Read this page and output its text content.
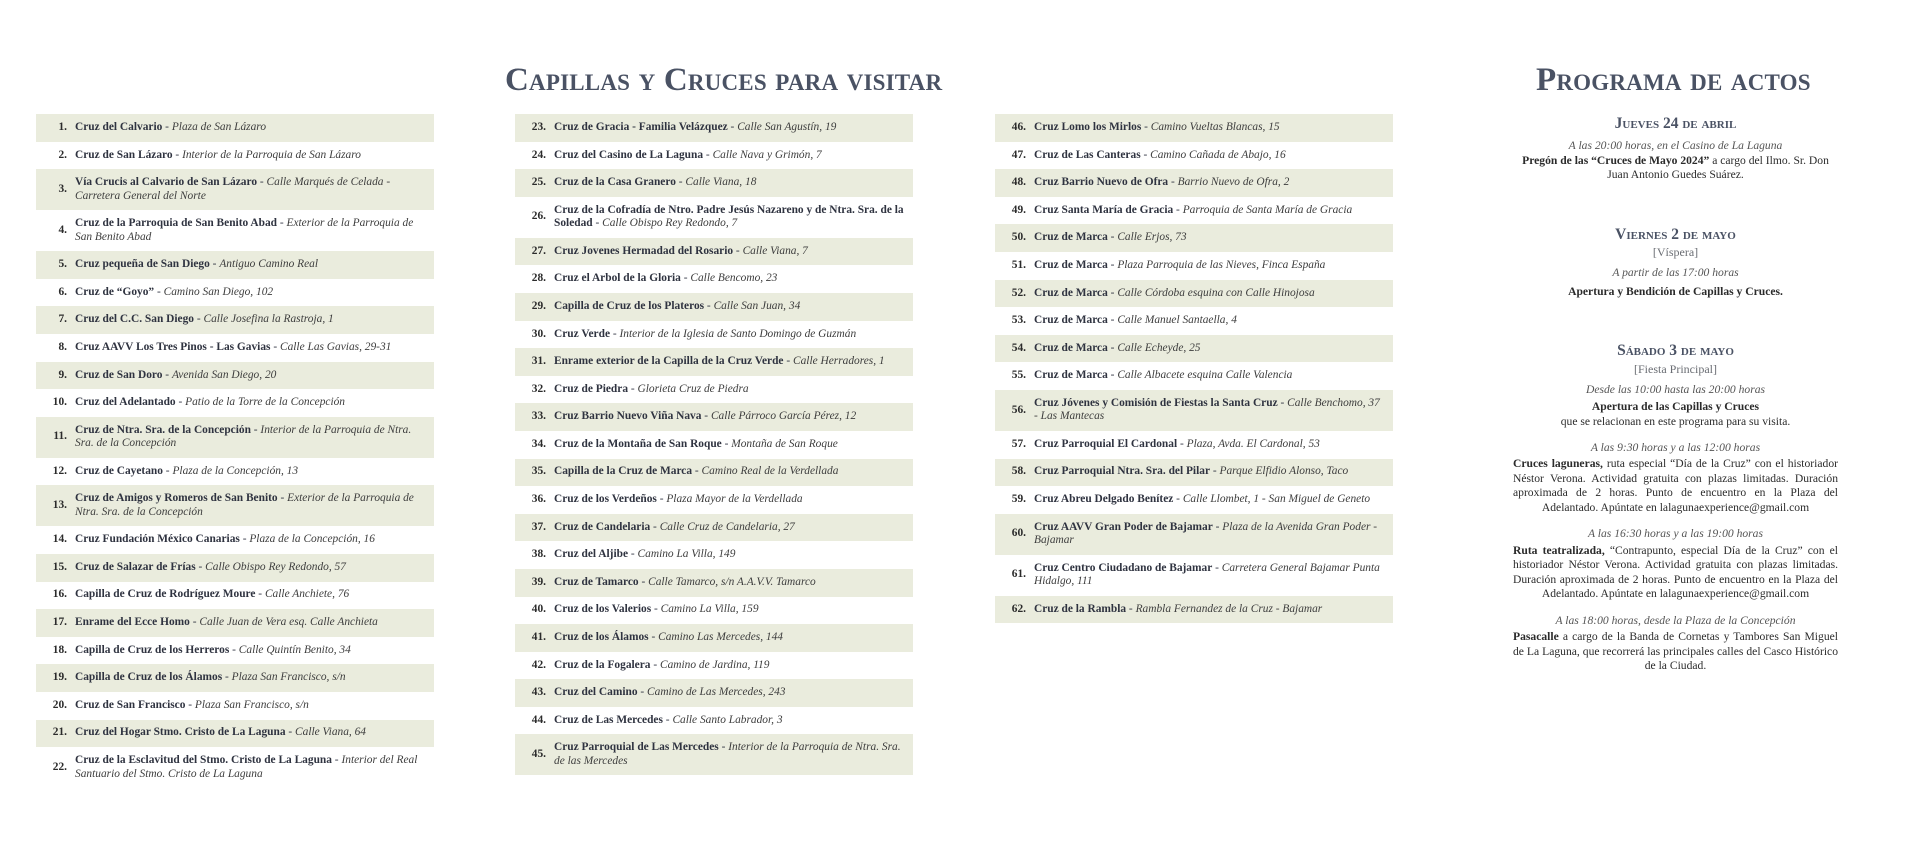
Capillas y Cruces para visitar	Programa de actos
1. Cruz del Calvario - Plaza de San Lázaro
2. Cruz de San Lázaro - Interior de la Parroquia de San Lázaro
3.
Vía Crucis al Calvario de San Lázaro - Calle Marqués de Celada - Carretera General del Norte
4.
Cruz de la Parroquia de San Benito Abad - Exterior de la Parroquia de San Benito Abad
5. Cruz pequeña de San Diego - Antiguo Camino Real
6. Cruz de “Goyo” - Camino San Diego, 102
7. Cruz del C.C. San Diego - Calle Josefina la Rastroja, 1
8. Cruz AAVV Los Tres Pinos - Las Gavias - Calle Las Gavias, 29-31
9. Cruz de San Doro - Avenida San Diego, 20
10. Cruz del Adelantado - Patio de la Torre de la Concepción
11.
Cruz de Ntra. Sra. de la Concepción - Interior de la Parroquia de Ntra. Sra. de la Concepción
12. Cruz de Cayetano - Plaza de la Concepción, 13
13.
Cruz de Amigos y Romeros de San Benito - Exterior de la Parroquia de Ntra. Sra. de la Concepción
14. Cruz Fundación México Canarias - Plaza de la Concepción, 16
15. Cruz de Salazar de Frías - Calle Obispo Rey Redondo, 57
16. Capilla de Cruz de Rodríguez Moure - Calle Anchiete, 76
17. Enrame del Ecce Homo - Calle Juan de Vera esq. Calle Anchieta
18. Capilla de Cruz de los Herreros - Calle Quintín Benito, 34
19. Capilla de Cruz de los Álamos - Plaza San Francisco, s/n
20. Cruz de San Francisco - Plaza San Francisco, s/n
21. Cruz del Hogar Stmo. Cristo de La Laguna - Calle Viana, 64
22.
Cruz de la Esclavitud del Stmo. Cristo de La Laguna - Interior del Real Santuario del Stmo. Cristo de La Laguna
23. Cruz de Gracia - Familia Velázquez - Calle San Agustín, 19
24. Cruz del Casino de La Laguna - Calle Nava y Grimón, 7
25. Cruz de la Casa Granero - Calle Viana, 18
26.
Cruz de la Cofradía de Ntro. Padre Jesús Nazareno y de Ntra. Sra. de la Soledad - Calle Obispo Rey Redondo, 7
27. Cruz Jovenes Hermadad del Rosario - Calle Viana, 7
28. Cruz el Arbol de la Gloria - Calle Bencomo, 23
29. Capilla de Cruz de los Plateros - Calle San Juan, 34
30. Cruz Verde - Interior de la Iglesia de Santo Domingo de Guzmán
31. Enrame exterior de la Capilla de la Cruz Verde - Calle Herradores, 1
32. Cruz de Piedra - Glorieta Cruz de Piedra
33. Cruz Barrio Nuevo Viña Nava - Calle Párroco García Pérez, 12
34. Cruz de la Montaña de San Roque - Montaña de San Roque
35. Capilla de la Cruz de Marca - Camino Real de la Verdellada
36. Cruz de los Verdeños - Plaza Mayor de la Verdellada
37. Cruz de Candelaria - Calle Cruz de Candelaria, 27
38. Cruz del Aljibe - Camino La Villa, 149
39. Cruz de Tamarco - Calle Tamarco, s/n A.A.V.V. Tamarco
40. Cruz de los Valerios - Camino La Villa, 159
41. Cruz de los Álamos - Camino Las Mercedes, 144
42. Cruz de la Fogalera - Camino de Jardina, 119
43. Cruz del Camino - Camino de Las Mercedes, 243
44. Cruz de Las Mercedes - Calle Santo Labrador, 3
45.
Cruz Parroquial de Las Mercedes - Interior de la Parroquia de Ntra. Sra. de las Mercedes
46. Cruz Lomo los Mirlos - Camino Vueltas Blancas, 15
47. Cruz de Las Canteras - Camino Cañada de Abajo, 16
48. Cruz Barrio Nuevo de Ofra - Barrio Nuevo de Ofra, 2
49. Cruz Santa María de Gracia - Parroquia de Santa María de Gracia
50. Cruz de Marca - Calle Erjos, 73
51. Cruz de Marca - Plaza Parroquia de las Nieves, Finca España
52. Cruz de Marca - Calle Córdoba esquina con Calle Hinojosa
53. Cruz de Marca - Calle Manuel Santaella, 4
54. Cruz de Marca - Calle Echeyde, 25
55. Cruz de Marca - Calle Albacete esquina Calle Valencia
56.
Cruz Jóvenes y Comisión de Fiestas la Santa Cruz - Calle Benchomo, 37 - Las Mantecas
57. Cruz Parroquial El Cardonal - Plaza, Avda. El Cardonal, 53
58. Cruz Parroquial Ntra. Sra. del Pilar - Parque Elfidio Alonso, Taco
59. Cruz Abreu Delgado Benítez - Calle Llombet, 1 - San Miguel de Geneto
60.
Cruz AAVV Gran Poder de Bajamar - Plaza de la Avenida Gran Poder - Bajamar
61.
Cruz Centro Ciudadano de Bajamar - Carretera General Bajamar Punta Hidalgo, 111
62. Cruz de la Rambla - Rambla Fernandez de la Cruz - Bajamar
Jueves 24 de abril
A las 20:00 horas, en el Casino de La Laguna
Pregón de las “Cruces de Mayo 2024” a cargo del Ilmo. Sr. Don Juan Antonio Guedes Suárez.
Viernes 2 de mayo
[Víspera]
A partir de las 17:00 horas
Apertura y Bendición de Capillas y Cruces.
Sábado 3 de mayo
[Fiesta Principal]
Desde las 10:00 hasta las 20:00 horas
Apertura de las Capillas y Cruces
que se relacionan en este programa para su visita.
A las 9:30 horas y a las 12:00 horas
Cruces laguneras, ruta especial “Día de la Cruz” con el historiador Néstor Verona. Actividad gratuita con plazas limitadas. Duración aproximada de 2 horas. Punto de encuentro en la Plaza del Adelantado. Apúntate en lalagunaexperience@gmail.com
A las 16:30 horas y a las 19:00 horas
Ruta teatralizada, “Contrapunto, especial Día de la Cruz” con el historiador Néstor Verona. Actividad gratuita con plazas limitadas. Duración aproximada de 2 horas. Punto de encuentro en la Plaza del Adelantado. Apúntate en lalagunaexperience@gmail.com
A las 18:00 horas, desde la Plaza de la Concepción
Pasacalle a cargo de la Banda de Cornetas y Tambores San Miguel de La Laguna, que recorrerá las principales calles del Casco Histórico de la Ciudad.
